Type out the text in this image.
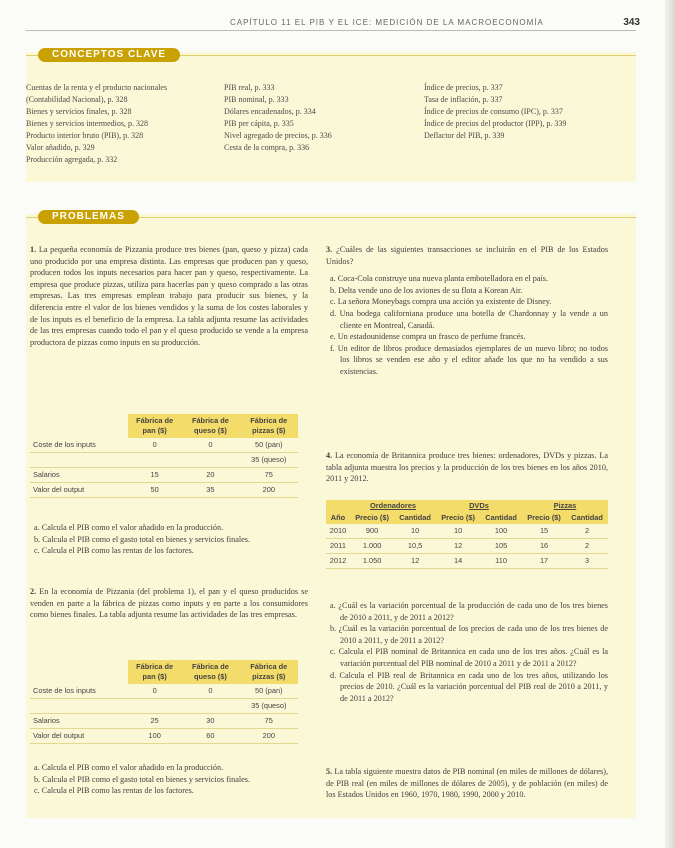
CAPÍTULO 11 EL PIB Y EL ICE: MEDICIÓN DE LA MACROECONOMÍA	343
CONCEPTOS CLAVE
Cuentas de la renta y el producto nacionales (Contabilidad Nacional), p. 328
Bienes y servicios finales, p. 328
Bienes y servicios intermedios, p. 328
Producto interior bruto (PIB), p. 328
Valor añadido, p. 329
Producción agregada, p. 332
PIB real, p. 333
PIB nominal, p. 333
Dólares encadenados, p. 334
PIB per cápita, p. 335
Nivel agregado de precios, p. 336
Cesta de la compra, p. 336
Índice de precios, p. 337
Tasa de inflación, p. 337
Índice de precios de consumo (IPC), p. 337
Índice de precios del productor (IPP), p. 339
Deflactor del PIB, p. 339
PROBLEMAS
1. La pequeña economía de Pizzania produce tres bienes (pan, queso y pizza) cada uno producido por una empresa distinta. Las empresas que producen pan y queso, producen todos los inputs necesarios para hacer pan y queso, respectivamente. La empresa que produce pizzas, utiliza para hacerlas pan y queso comprado a las otras empresas. Las tres empresas emplean trabajo para producir sus bienes, y la diferencia entre el valor de los bienes vendidos y la suma de los costes laborales y de los inputs es el beneficio de la empresa. La tabla adjunta resume las actividades de las tres empresas cuando todo el pan y el queso producido se vende a la empresa productora de pizzas como inputs en su producción.
	Fábrica de pan ($)	Fábrica de queso ($)	Fábrica de pizzas ($)
Coste de los inputs	0	0	50 (pan)
			35 (queso)
Salarios	15	20	75
Valor del output	50	35	200
a. Calcula el PIB como el valor añadido en la producción.
b. Calcula el PIB como el gasto total en bienes y servicios finales.
c. Calcula el PIB como las rentas de los factores.
2. En la economía de Pizzania (del problema 1), el pan y el queso producidos se venden en parte a la fábrica de pizzas como inputs y en parte a los consumidores como bienes finales. La tabla adjunta resume las actividades de las tres empresas.
	Fábrica de pan ($)	Fábrica de queso ($)	Fábrica de pizzas ($)
Coste de los inputs	0	0	50 (pan)
			35 (queso)
Salarios	25	30	75
Valor del output	100	60	200
a. Calcula el PIB como el valor añadido en la producción.
b. Calcula el PIB como el gasto total en bienes y servicios finales.
c. Calcula el PIB como las rentas de los factores.
3. ¿Cuáles de las siguientes transacciones se incluirán en el PIB de los Estados Unidos?
a. Coca-Cola construye una nueva planta embotelladora en el país.
b. Delta vende uno de los aviones de su flota a Korean Air.
c. La señora Moneybags compra una acción ya existente de Disney.
d. Una bodega californiana produce una botella de Chardonnay y la vende a un cliente en Montreal, Canadá.
e. Un estadounidense compra un frasco de perfume francés.
f. Un editor de libros produce demasiados ejemplares de un nuevo libro; no todos los libros se venden ese año y el editor añade los que no ha vendido a sus existencias.
4. La economía de Britannica produce tres bienes: ordenadores, DVDs y pizzas. La tabla adjunta muestra los precios y la producción de los tres bienes en los años 2010, 2011 y 2012.
	Ordenadores		DVDs		Pizzas	
Año	Precio ($)	Cantidad	Precio ($)	Cantidad	Precio ($)	Cantidad
2010	900	10	10	100	15	2
2011	1.000	10,5	12	105	16	2
2012	1.050	12	14	110	17	3
a. ¿Cuál es la variación porcentual de la producción de cada uno de los tres bienes de 2010 a 2011, y de 2011 a 2012?
b. ¿Cuál es la variación porcentual de los precios de cada uno de los tres bienes de 2010 a 2011, y de 2011 a 2012?
c. Calcula el PIB nominal de Britannica en cada uno de los tres años. ¿Cuál es la variación porcentual del PIB nominal de 2010 a 2011 y de 2011 a 2012?
d. Calcula el PIB real de Britannica en cada uno de los tres años, utilizando los precios de 2010. ¿Cuál es la variación porcentual del PIB real de 2010 a 2011, y de 2011 a 2012?
5. La tabla siguiente muestra datos de PIB nominal (en miles de millones de dólares), de PIB real (en miles de millones de dólares de 2005), y de población (en miles) de los Estados Unidos en 1960, 1970, 1980, 1990, 2000 y 2010.
